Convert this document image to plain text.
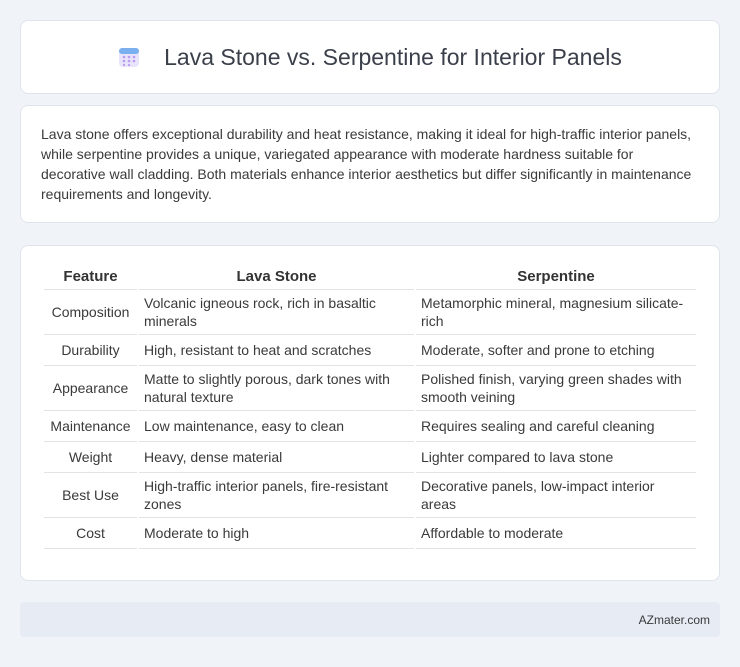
Lava Stone vs. Serpentine for Interior Panels

Lava stone offers exceptional durability and heat resistance, making it ideal for high-traffic interior panels, while serpentine provides a unique, variegated appearance with moderate hardness suitable for decorative wall cladding. Both materials enhance interior aesthetics but differ significantly in maintenance requirements and longevity.

Feature	Lava Stone	Serpentine
Composition	Volcanic igneous rock, rich in basaltic minerals	Metamorphic mineral, magnesium silicate-rich
Durability	High, resistant to heat and scratches	Moderate, softer and prone to etching
Appearance	Matte to slightly porous, dark tones with natural texture	Polished finish, varying green shades with smooth veining
Maintenance	Low maintenance, easy to clean	Requires sealing and careful cleaning
Weight	Heavy, dense material	Lighter compared to lava stone
Best Use	High-traffic interior panels, fire-resistant zones	Decorative panels, low-impact interior areas
Cost	Moderate to high	Affordable to moderate
AZmater.com
